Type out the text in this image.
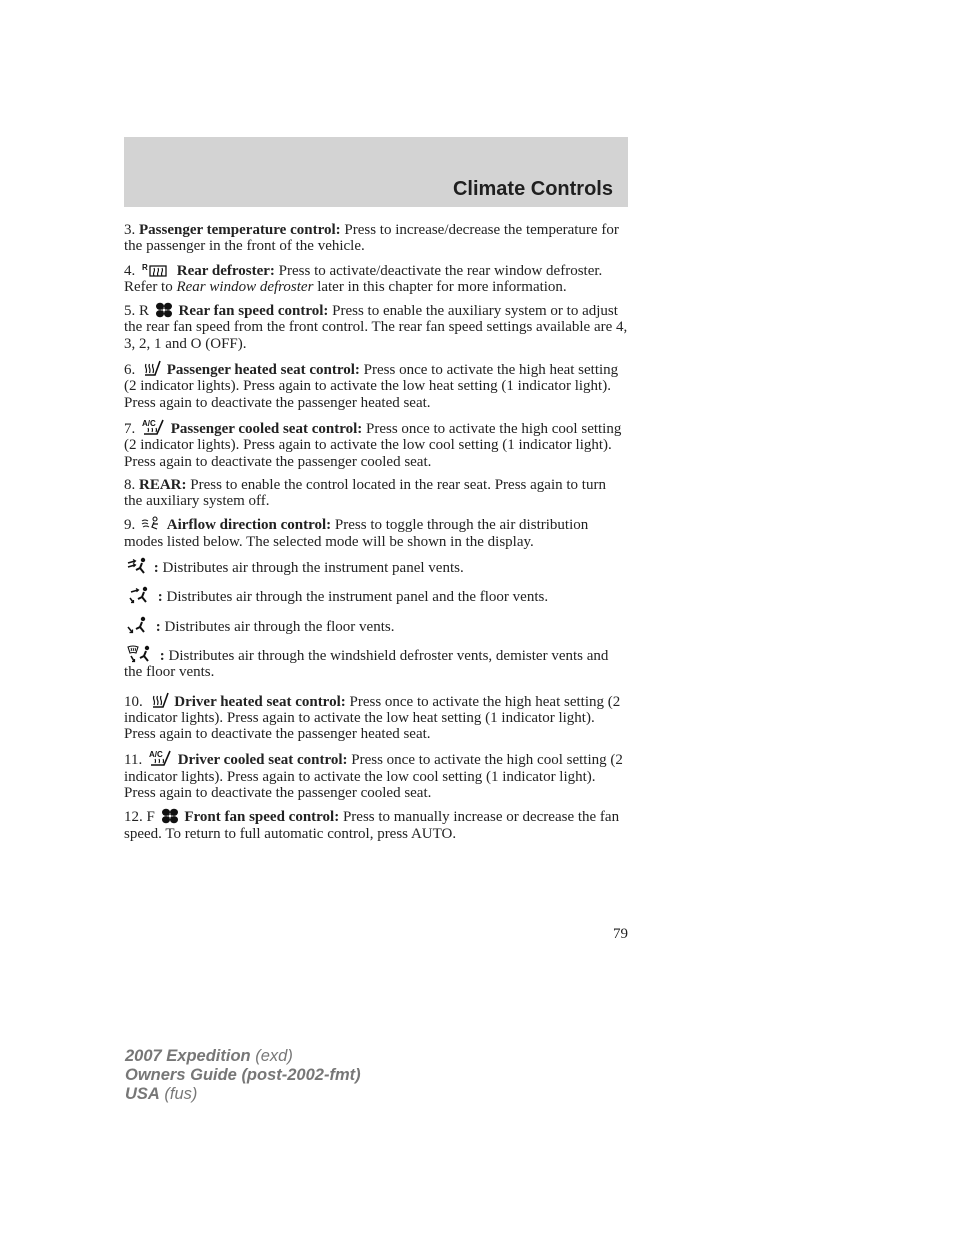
Climate Controls

3. Passenger temperature control: Press to increase/decrease the temperature for the passenger in the front of the vehicle.

4. R Rear defroster: Press to activate/deactivate the rear window defroster. Refer to Rear window defroster later in this chapter for more information.

5. R Rear fan speed control: Press to enable the auxiliary system or to adjust the rear fan speed from the front control. The rear fan speed settings available are 4, 3, 2, 1 and O (OFF).

6. Passenger heated seat control: Press once to activate the high heat setting (2 indicator lights). Press again to activate the low heat setting (1 indicator light). Press again to deactivate the passenger heated seat.

7. A/C Passenger cooled seat control: Press once to activate the high cool setting (2 indicator lights). Press again to activate the low cool setting (1 indicator light). Press again to deactivate the passenger cooled seat.

8. REAR: Press to enable the control located in the rear seat. Press again to turn the auxiliary system off.

9. Airflow direction control: Press to toggle through the air distribution modes listed below. The selected mode will be shown in the display.

: Distributes air through the instrument panel vents.

: Distributes air through the instrument panel and the floor vents.

: Distributes air through the floor vents.

: Distributes air through the windshield defroster vents, demister vents and the floor vents.

10. Driver heated seat control: Press once to activate the high heat setting (2 indicator lights). Press again to activate the low heat setting (1 indicator light). Press again to deactivate the passenger heated seat.

11. A/C Driver cooled seat control: Press once to activate the high cool setting (2 indicator lights). Press again to activate the low cool setting (1 indicator light). Press again to deactivate the passenger cooled seat.

12. F Front fan speed control: Press to manually increase or decrease the fan speed. To return to full automatic control, press AUTO.

79
2007 Expedition (exd)
Owners Guide (post-2002-fmt)
USA (fus)
